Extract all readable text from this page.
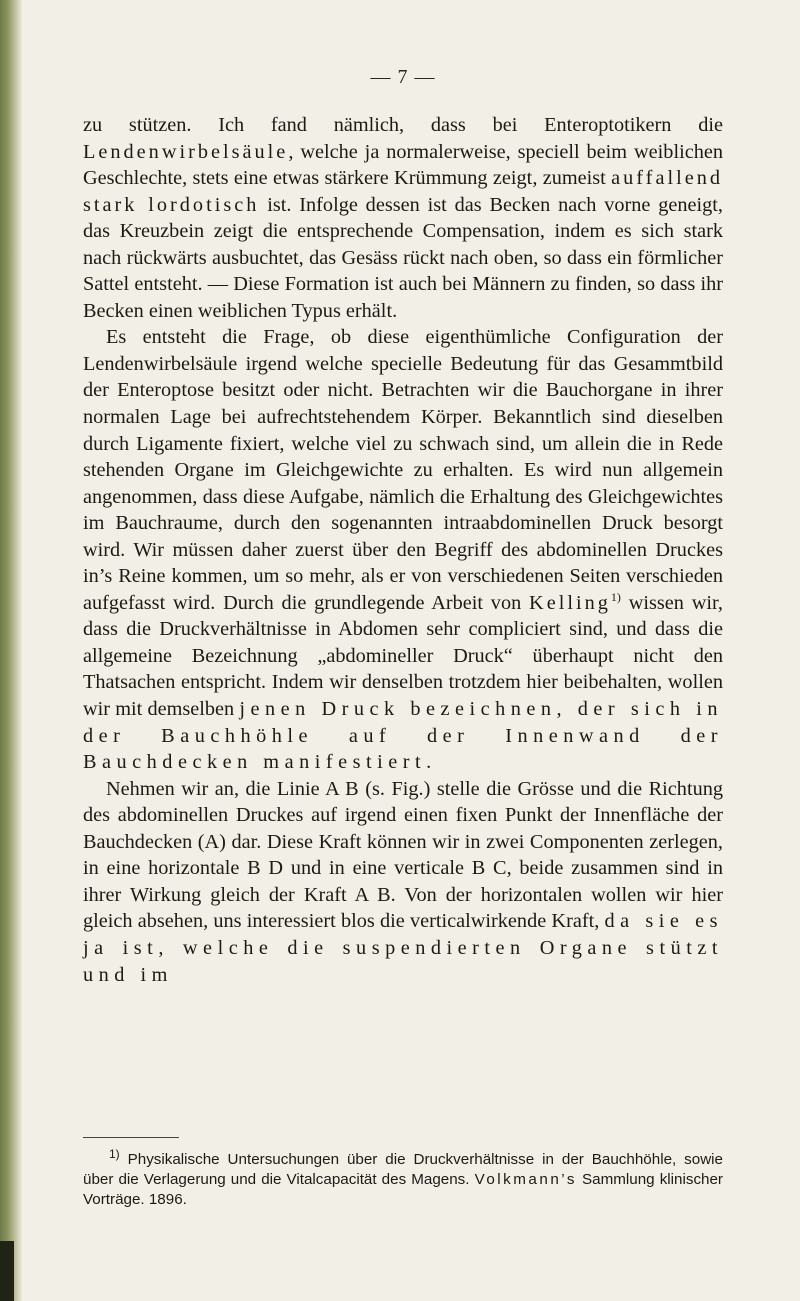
— 7 —

zu stützen. Ich fand nämlich, dass bei Enteroptotikern die Lendenwirbelsäule, welche ja normalerweise, speciell beim weiblichen Geschlechte, stets eine etwas stärkere Krümmung zeigt, zumeist auffallend stark lordotisch ist. Infolge dessen ist das Becken nach vorne geneigt, das Kreuzbein zeigt die entsprechende Compensation, indem es sich stark nach rückwärts ausbuchtet, das Gesäss rückt nach oben, so dass ein förmlicher Sattel entsteht. — Diese Formation ist auch bei Männern zu finden, so dass ihr Becken einen weiblichen Typus erhält.

Es entsteht die Frage, ob diese eigenthümliche Configuration der Lendenwirbelsäule irgend welche specielle Bedeutung für das Gesammtbild der Enteroptose besitzt oder nicht. Betrachten wir die Bauchorgane in ihrer normalen Lage bei aufrechtstehendem Körper. Bekanntlich sind dieselben durch Ligamente fixiert, welche viel zu schwach sind, um allein die in Rede stehenden Organe im Gleichgewichte zu erhalten. Es wird nun allgemein angenommen, dass diese Aufgabe, nämlich die Erhaltung des Gleichgewichtes im Bauchraume, durch den sogenannten intraabdominellen Druck besorgt wird. Wir müssen daher zuerst über den Begriff des abdominellen Druckes in’s Reine kommen, um so mehr, als er von verschiedenen Seiten verschieden aufgefasst wird. Durch die grundlegende Arbeit von Kelling$^{1)}$ wissen wir, dass die Druckverhältnisse in Abdomen sehr compliciert sind, und dass die allgemeine Bezeichnung „abdomineller Druck“ überhaupt nicht den Thatsachen entspricht. Indem wir denselben trotzdem hier beibehalten, wollen wir mit demselben jenen Druck bezeichnen, der sich in der Bauchhöhle auf der Innenwand der Bauchdecken manifestiert.

Nehmen wir an, die Linie A B (s. Fig.) stelle die Grösse und die Richtung des abdominellen Druckes auf irgend einen fixen Punkt der Innenfläche der Bauchdecken (A) dar. Diese Kraft können wir in zwei Componenten zerlegen, in eine horizontale B D und in eine verticale B C, beide zusammen sind in ihrer Wirkung gleich der Kraft A B. Von der horizontalen wollen wir hier gleich absehen, uns interessiert blos die verticalwirkende Kraft, da sie es ja ist, welche die suspendierten Organe stützt und im

$^{1)}$ Physikalische Untersuchungen über die Druckverhältnisse in der Bauchhöhle, sowie über die Verlagerung und die Vitalcapacität des Magens. Volkmann’s Sammlung klinischer Vorträge. 1896.
